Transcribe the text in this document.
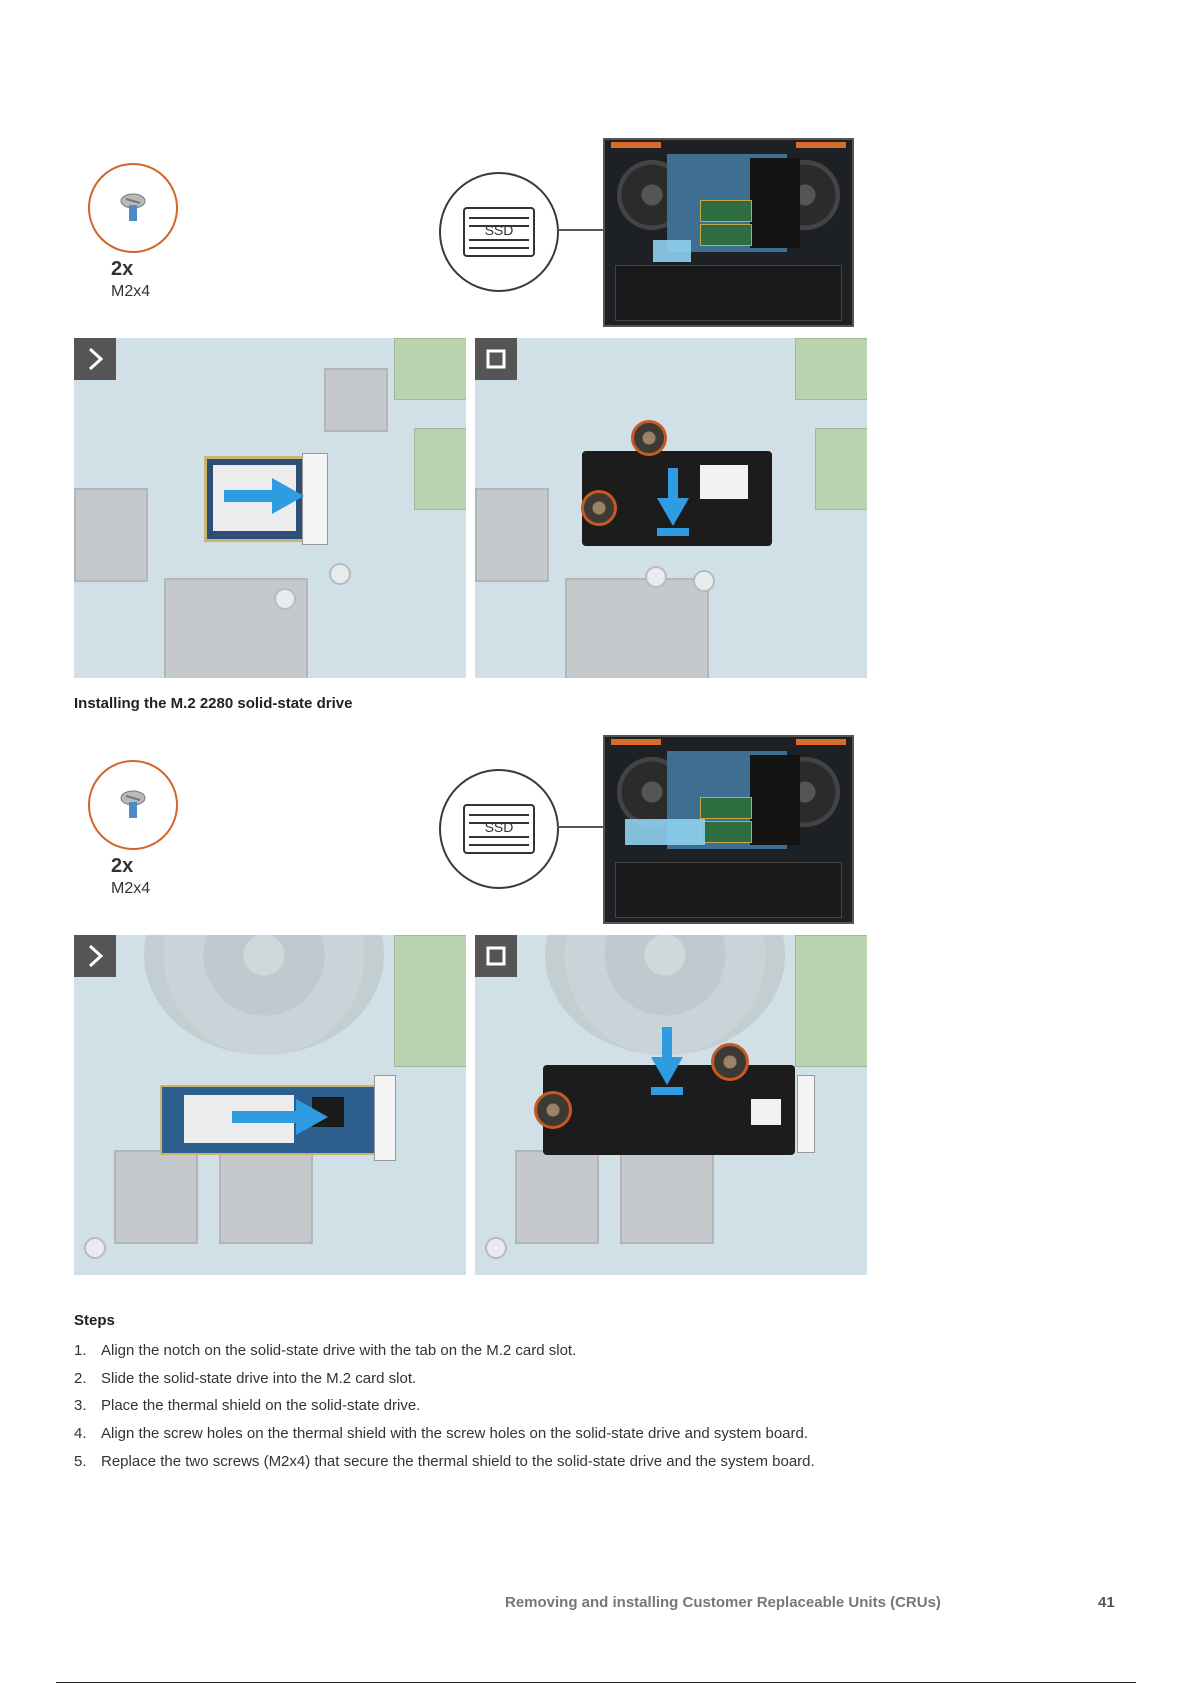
2x
M2x4
SSD
Installing the M.2 2280 solid-state drive
2x
M2x4
SSD
Steps
1. Align the notch on the solid-state drive with the tab on the M.2 card slot.
2. Slide the solid-state drive into the M.2 card slot.
3. Place the thermal shield on the solid-state drive.
4. Align the screw holes on the thermal shield with the screw holes on the solid-state drive and system board.
5. Replace the two screws (M2x4) that secure the thermal shield to the solid-state drive and the system board.
Removing and installing Customer Replaceable Units (CRUs)	41
